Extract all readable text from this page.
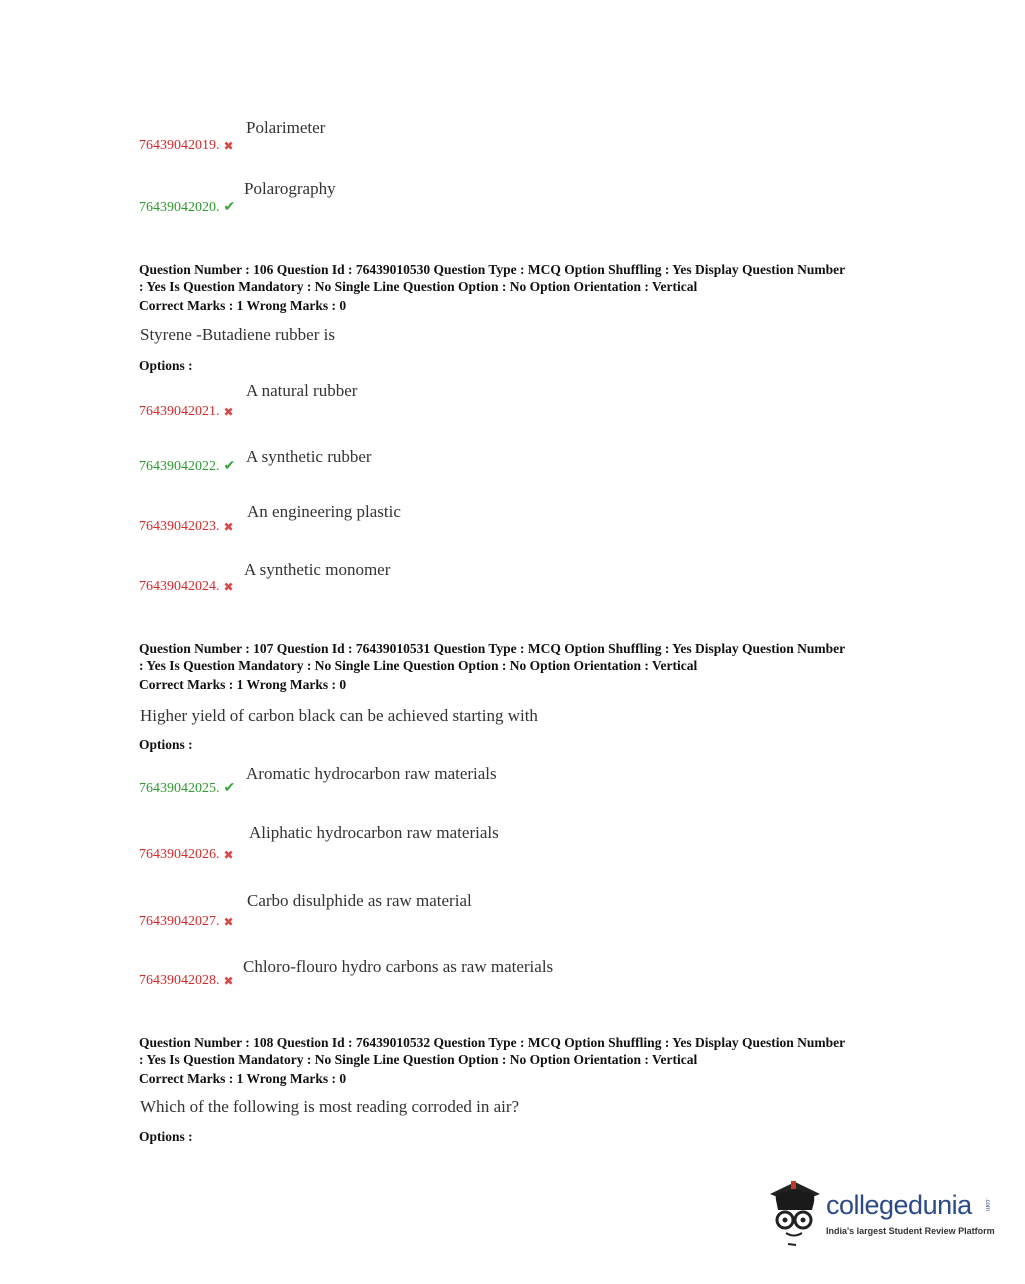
Polarimeter
76439042019. ✖
Polarography
76439042020. ✔
Question Number : 106 Question Id : 76439010530 Question Type : MCQ Option Shuffling : Yes Display Question Number
: Yes Is Question Mandatory : No Single Line Question Option : No Option Orientation : Vertical
Correct Marks : 1 Wrong Marks : 0
Styrene -Butadiene rubber is
Options :
A natural rubber
76439042021. ✖
A synthetic rubber
76439042022. ✔
An engineering plastic
76439042023. ✖
A synthetic monomer
76439042024. ✖
Question Number : 107 Question Id : 76439010531 Question Type : MCQ Option Shuffling : Yes Display Question Number
: Yes Is Question Mandatory : No Single Line Question Option : No Option Orientation : Vertical
Correct Marks : 1 Wrong Marks : 0
Higher yield of carbon black can be achieved starting with
Options :
Aromatic hydrocarbon raw materials
76439042025. ✔
Aliphatic hydrocarbon raw materials
76439042026. ✖
Carbo disulphide as raw material
76439042027. ✖
Chloro-flouro hydro carbons as raw materials
76439042028. ✖
Question Number : 108 Question Id : 76439010532 Question Type : MCQ Option Shuffling : Yes Display Question Number
: Yes Is Question Mandatory : No Single Line Question Option : No Option Orientation : Vertical
Correct Marks : 1 Wrong Marks : 0
Which of the following is most reading corroded in air?
Options :
collegedunia .com
India's largest Student Review Platform
